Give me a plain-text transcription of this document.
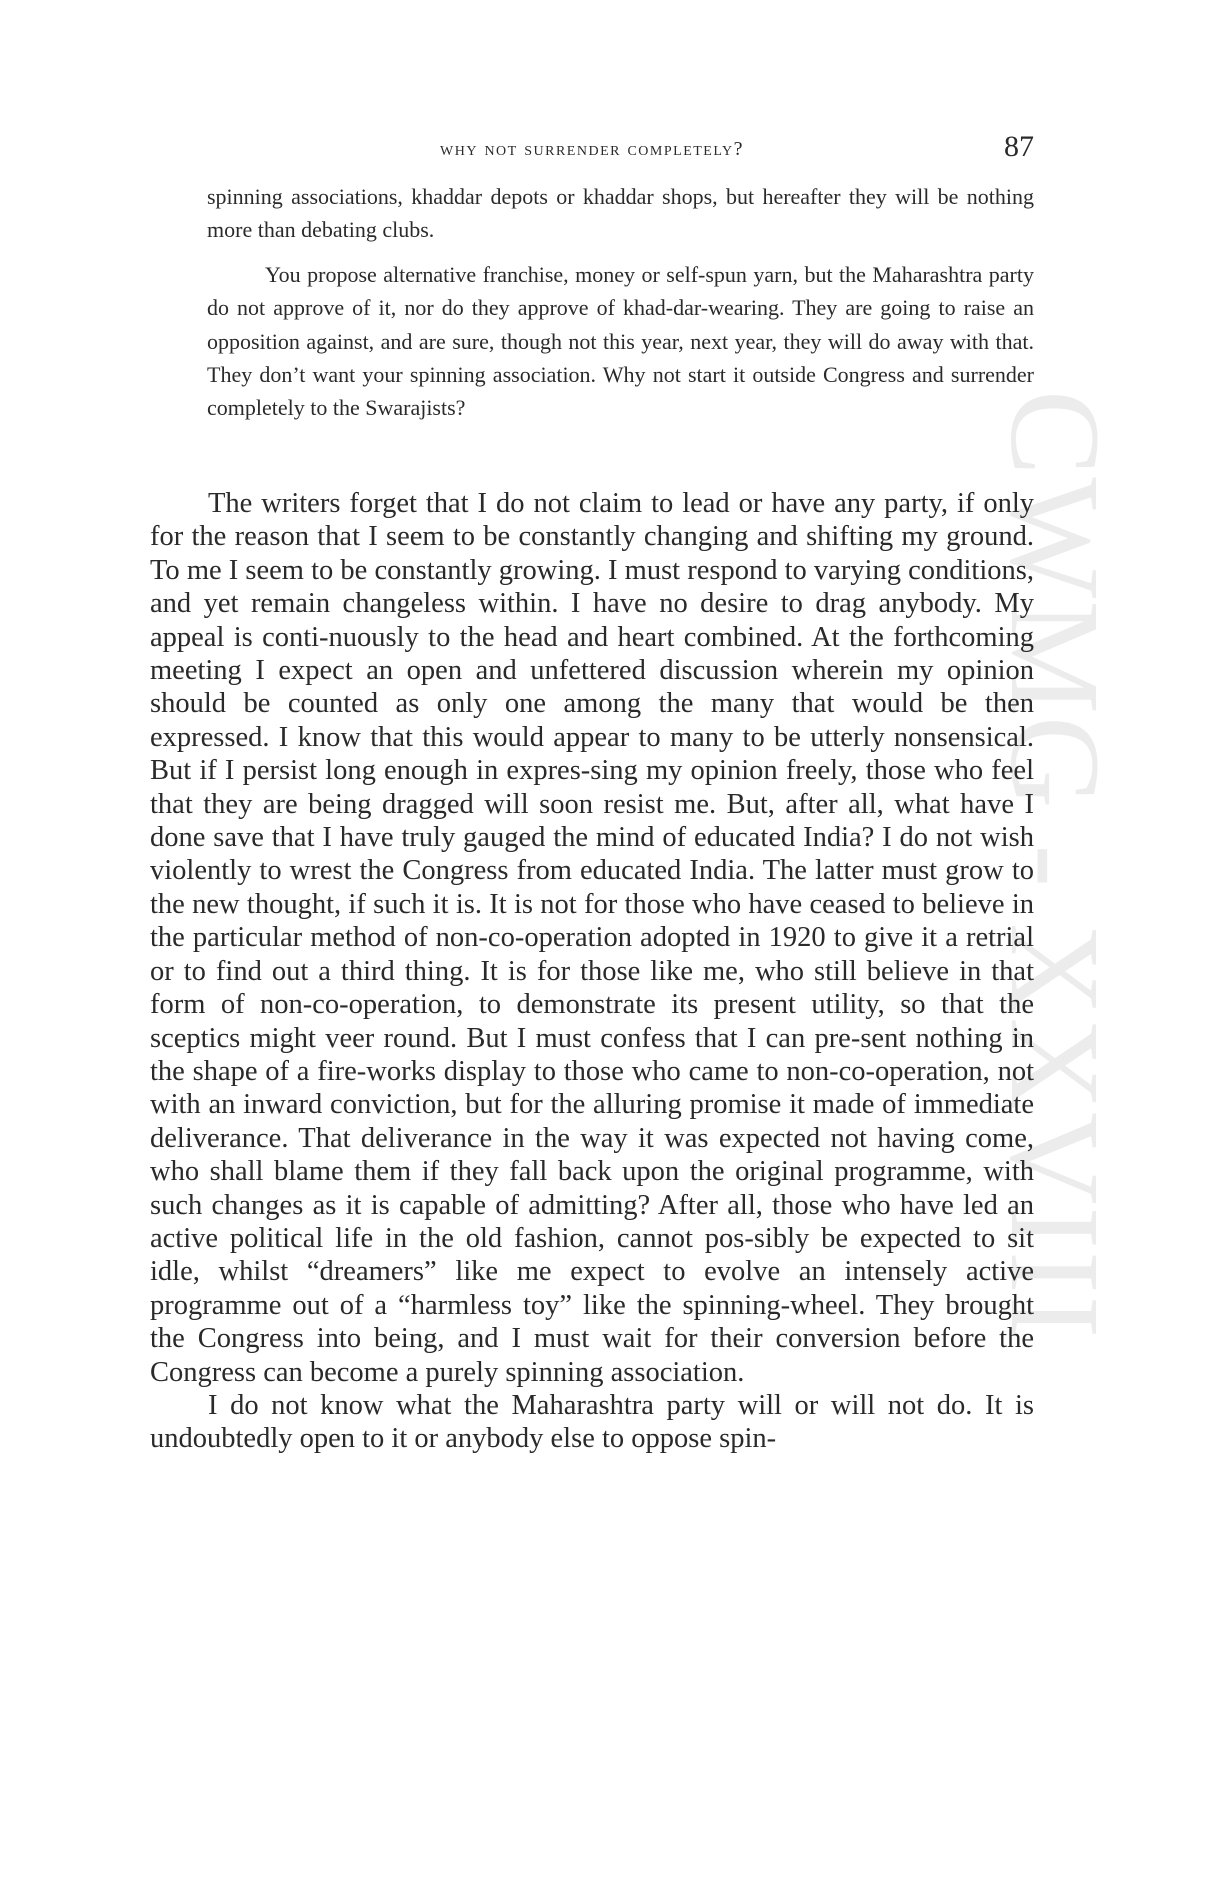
CWMG - XXVIII
why not surrender completely?	87

spinning associations, khaddar depots or khaddar shops, but hereafter they will be nothing more than debating clubs.

You propose alternative franchise, money or self-spun yarn, but the Maharashtra party do not approve of it, nor do they approve of khad-dar-wearing. They are going to raise an opposition against, and are sure, though not this year, next year, they will do away with that. They don’t want your spinning association. Why not start it outside Congress and surrender completely to the Swarajists?

The writers forget that I do not claim to lead or have any party, if only for the reason that I seem to be constantly changing and shifting my ground. To me I seem to be constantly growing. I must respond to varying conditions, and yet remain changeless within. I have no desire to drag anybody. My appeal is conti-nuously to the head and heart combined. At the forthcoming meeting I expect an open and unfettered discussion wherein my opinion should be counted as only one among the many that would be then expressed. I know that this would appear to many to be utterly nonsensical. But if I persist long enough in expres-sing my opinion freely, those who feel that they are being dragged will soon resist me. But, after all, what have I done save that I have truly gauged the mind of educated India? I do not wish violently to wrest the Congress from educated India. The latter must grow to the new thought, if such it is. It is not for those who have ceased to believe in the particular method of non-co-operation adopted in 1920 to give it a retrial or to find out a third thing. It is for those like me, who still believe in that form of non-co-operation, to demonstrate its present utility, so that the sceptics might veer round. But I must confess that I can pre-sent nothing in the shape of a fire-works display to those who came to non-co-operation, not with an inward conviction, but for the alluring promise it made of immediate deliverance. That deliverance in the way it was expected not having come, who shall blame them if they fall back upon the original programme, with such changes as it is capable of admitting? After all, those who have led an active political life in the old fashion, cannot pos-sibly be expected to sit idle, whilst “dreamers” like me expect to evolve an intensely active programme out of a “harmless toy” like the spinning-wheel. They brought the Congress into being, and I must wait for their conversion before the Congress can become a purely spinning association.

I do not know what the Maharashtra party will or will not do. It is undoubtedly open to it or anybody else to oppose spin-
